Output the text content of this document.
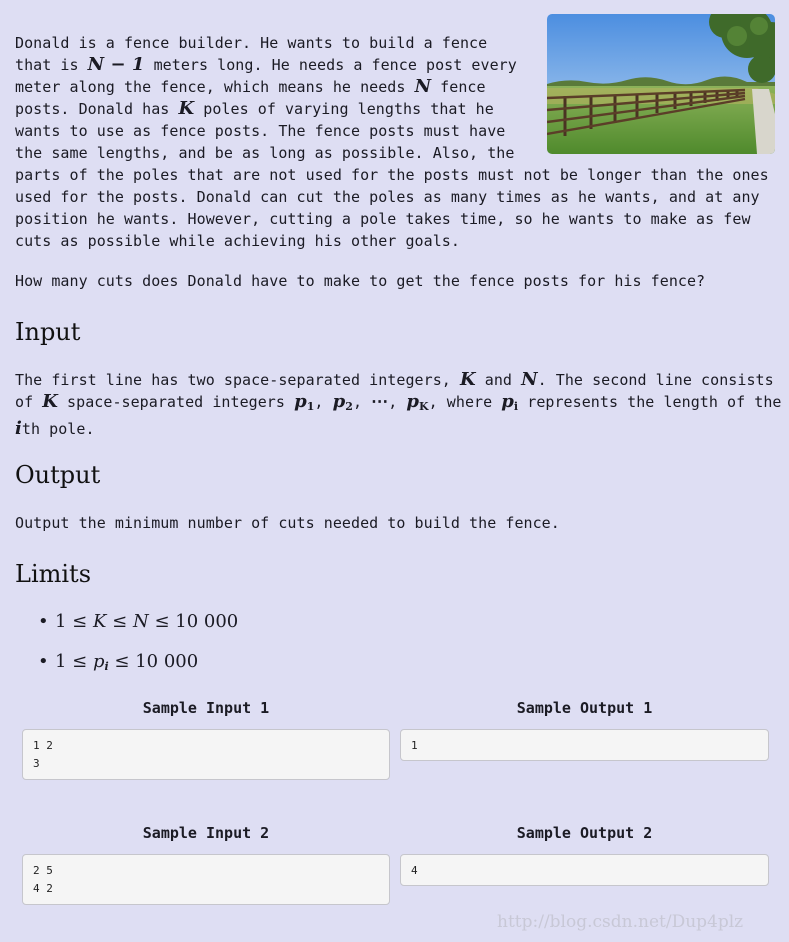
Donald is a fence builder. He wants to build a fence
that is N − 1 meters long. He needs a fence post every
meter along the fence, which means he needs N fence
posts. Donald has K poles of varying lengths that he
wants to use as fence posts. The fence posts must have
the same lengths, and be as long as possible. Also, the
parts of the poles that are not used for the posts must not be longer than the ones
used for the posts. Donald can cut the poles as many times as he wants, and at any
position he wants. However, cutting a pole takes time, so he wants to make as few
cuts as possible while achieving his other goals.
How many cuts does Donald have to make to get the fence posts for his fence?
Input
The first line has two space-separated integers, K and N. The second line consists
of K space-separated integers $p_1$, $p_2$, ⋯, $p_K$, where $p_i$ represents the length of the
ith pole.
Output
Output the minimum number of cuts needed to build the fence.
Limits
• 1 ≤ K ≤ N ≤ 10 000
• $1 \le p_i \le 10$ 000
Sample Input 1	Sample Output 1
1 2
3
1
Sample Input 2	Sample Output 2
2 5
4 2
4
http://blog.csdn.net/Dup4plz
